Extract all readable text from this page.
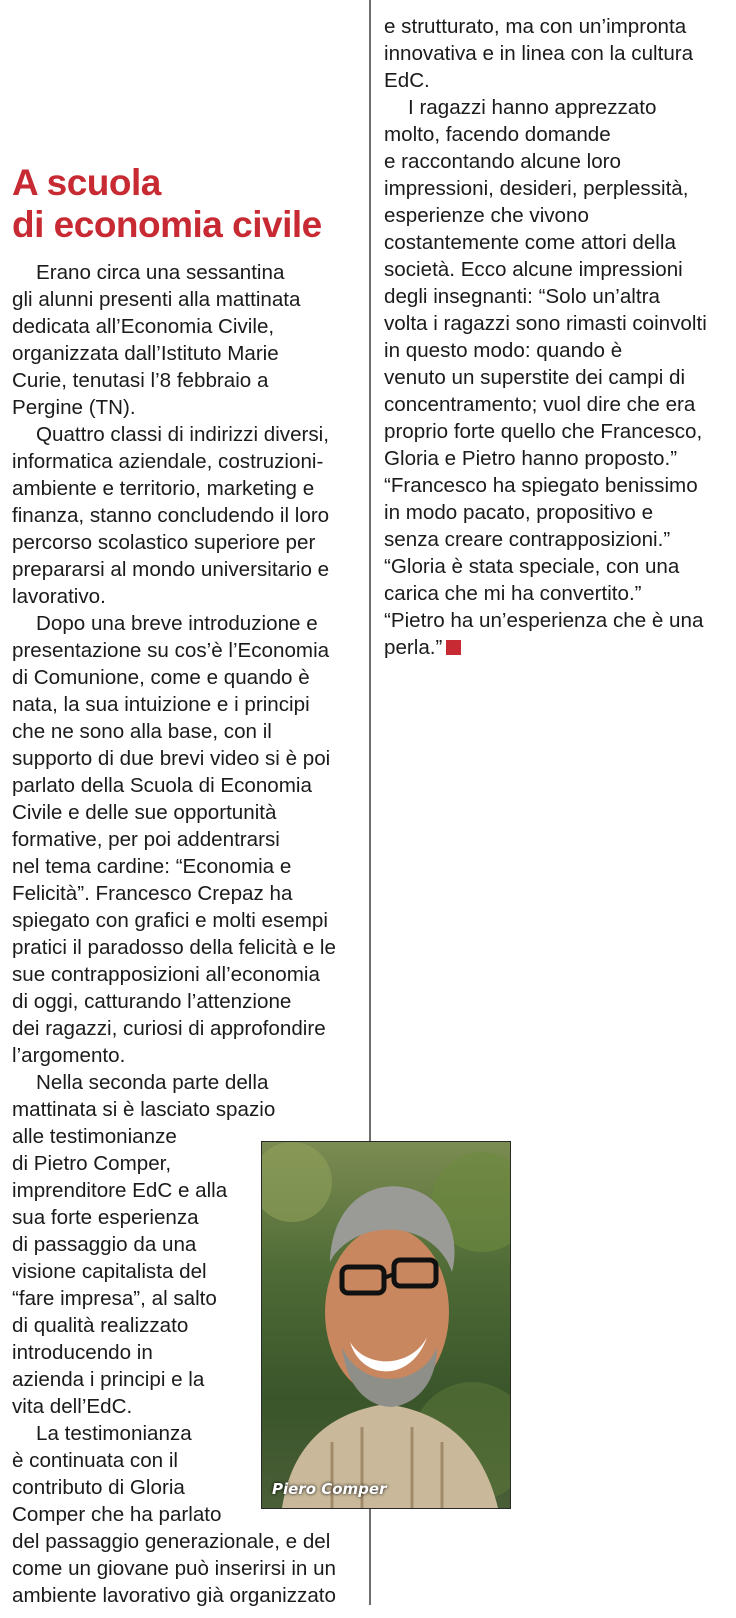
A scuola
di economia civile

Erano circa una sessantina
gli alunni presenti alla mattinata
dedicata all’Economia Civile,
organizzata dall’Istituto Marie
Curie, tenutasi l’8 febbraio a
Pergine (TN).

Quattro classi di indirizzi diversi,
informatica aziendale, costruzioni-
ambiente e territorio, marketing e
finanza, stanno concludendo il loro
percorso scolastico superiore per
prepararsi al mondo universitario e
lavorativo.

Dopo una breve introduzione e
presentazione su cos’è l’Economia
di Comunione, come e quando è
nata, la sua intuizione e i principi
che ne sono alla base, con il
supporto di due brevi video si è poi
parlato della Scuola di Economia
Civile e delle sue opportunità
formative, per poi addentrarsi
nel tema cardine: “Economia e
Felicità”. Francesco Crepaz ha
spiegato con grafici e molti esempi
pratici il paradosso della felicità e le
sue contrapposizioni all’economia
di oggi, catturando l’attenzione
dei ragazzi, curiosi di approfondire
l’argomento.

Nella seconda parte della
mattinata si è lasciato spazio
alle testimonianze
di Pietro Comper,
imprenditore EdC e alla
sua forte esperienza
di passaggio da una
visione capitalista del
“fare impresa”, al salto
di qualità realizzato
introducendo in
azienda i principi e la
vita dell’EdC.

La testimonianza
è continuata con il
contributo di Gloria
Comper che ha parlato
del passaggio generazionale, e del
come un giovane può inserirsi in un
ambiente lavorativo già organizzato

e strutturato, ma con un’impronta
innovativa e in linea con la cultura
EdC.

I ragazzi hanno apprezzato
molto, facendo domande
e raccontando alcune loro
impressioni, desideri, perplessità,
esperienze che vivono
costantemente come attori della
società. Ecco alcune impressioni
degli insegnanti: “Solo un’altra
volta i ragazzi sono rimasti coinvolti
in questo modo: quando è
venuto un superstite dei campi di
concentramento; vuol dire che era
proprio forte quello che Francesco,
Gloria e Pietro hanno proposto.”
“Francesco ha spiegato benissimo
in modo pacato, propositivo e
senza creare contrapposizioni.”
“Gloria è stata speciale, con una
carica che mi ha convertito.”
“Pietro ha un’esperienza che è una
perla.”

Piero Comper
